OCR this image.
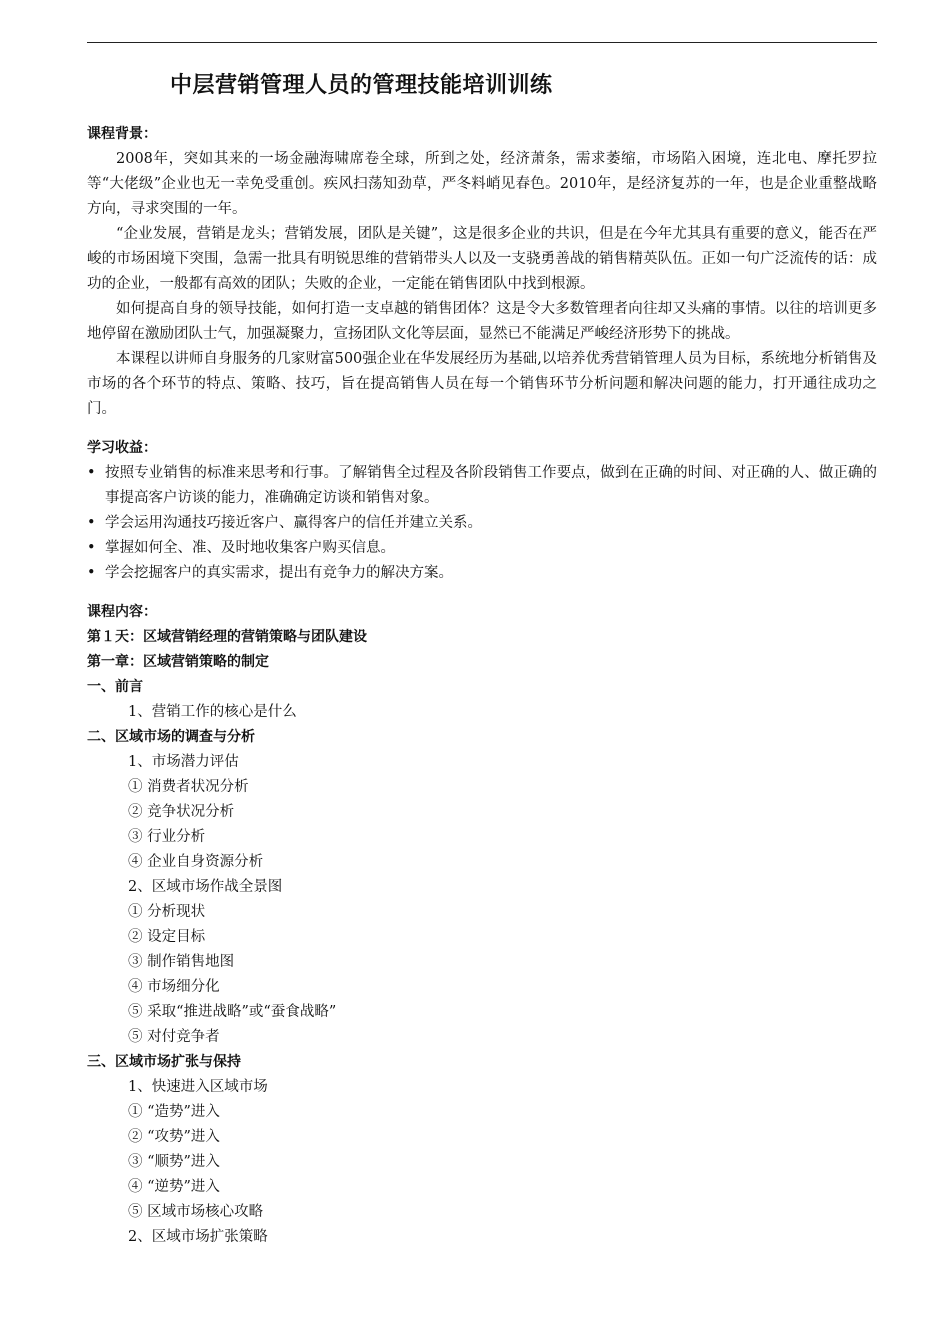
中层营销管理人员的管理技能培训训练
课程背景：

2008年，突如其来的一场金融海啸席卷全球，所到之处，经济萧条，需求萎缩，市场陷入困境，连北电、摩托罗拉等“大佬级”企业也无一幸免受重创。疾风扫荡知劲草，严冬料峭见春色。2010年，是经济复苏的一年，也是企业重整战略方向，寻求突围的一年。

“企业发展，营销是龙头；营销发展，团队是关键”，这是很多企业的共识，但是在今年尤其具有重要的意义，能否在严峻的市场困境下突围，急需一批具有明锐思维的营销带头人以及一支骁勇善战的销售精英队伍。正如一句广泛流传的话：成功的企业，一般都有高效的团队；失败的企业，一定能在销售团队中找到根源。

如何提高自身的领导技能，如何打造一支卓越的销售团体？这是令大多数管理者向往却又头痛的事情。以往的培训更多地停留在激励团队士气，加强凝聚力，宣扬团队文化等层面，显然已不能满足严峻经济形势下的挑战。

本课程以讲师自身服务的几家财富500强企业在华发展经历为基础,以培养优秀营销管理人员为目标，系统地分析销售及市场的各个环节的特点、策略、技巧，旨在提高销售人员在每一个销售环节分析问题和解决问题的能力，打开通往成功之门。

学习收益：
• 按照专业销售的标准来思考和行事。了解销售全过程及各阶段销售工作要点，做到在正确的时间、对正确的人、做正确的事提高客户访谈的能力，准确确定访谈和销售对象。
• 学会运用沟通技巧接近客户、赢得客户的信任并建立关系。
• 掌握如何全、准、及时地收集客户购买信息。
• 学会挖掘客户的真实需求，提出有竞争力的解决方案。
课程内容：
第１天：区域营销经理的营销策略与团队建设
第一章：区域营销策略的制定
一、前言
1、营销工作的核心是什么
二、区域市场的调查与分析
1、市场潜力评估
① 消费者状况分析
② 竞争状况分析
③ 行业分析
④ 企业自身资源分析
2、区域市场作战全景图
① 分析现状
② 设定目标
③ 制作销售地图
④ 市场细分化
⑤ 采取“推进战略”或“蚕食战略”
⑤ 对付竞争者
三、区域市场扩张与保持
1、快速进入区域市场
① “造势”进入
② “攻势”进入
③ “顺势”进入
④ “逆势”进入
⑤ 区域市场核心攻略
2、区域市场扩张策略
